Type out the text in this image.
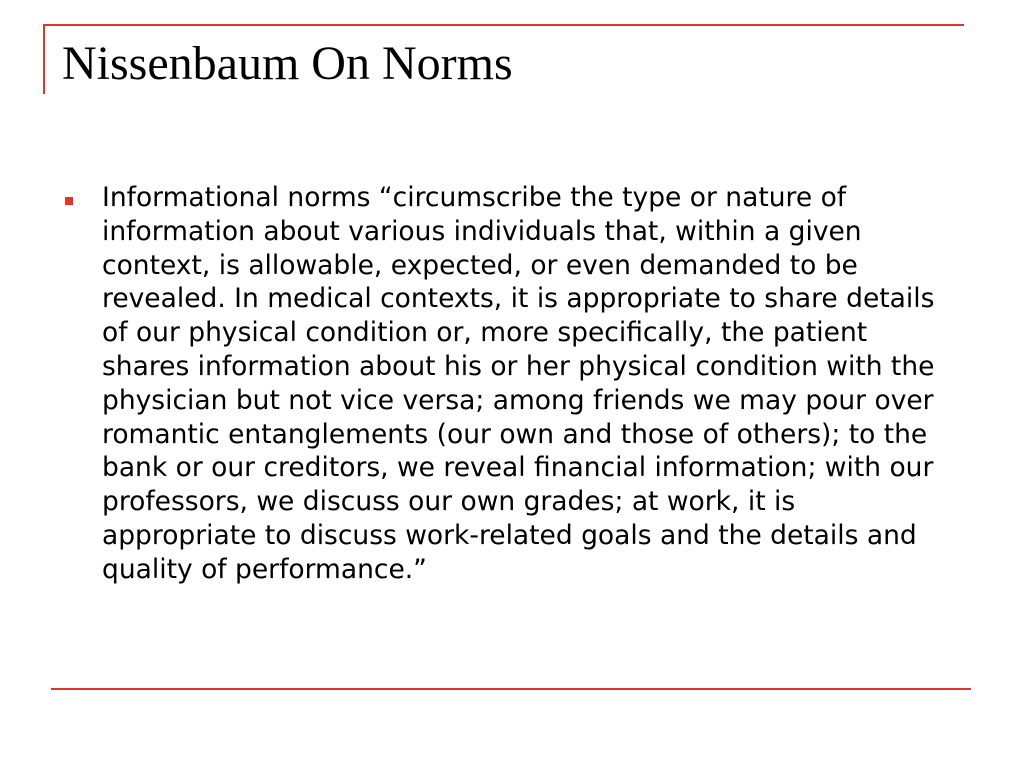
Nissenbaum On Norms
Informational norms “circumscribe the type or nature of information about various individuals that, within a given context, is allowable, expected, or even demanded to be revealed. In medical contexts, it is appropriate to share details of our physical condition or, more specifically, the patient shares information about his or her physical condition with the physician but not vice versa; among friends we may pour over romantic entanglements (our own and those of others); to the bank or our creditors, we reveal financial information; with our professors, we discuss our own grades; at work, it is appropriate to discuss work-related goals and the details and quality of performance.”
